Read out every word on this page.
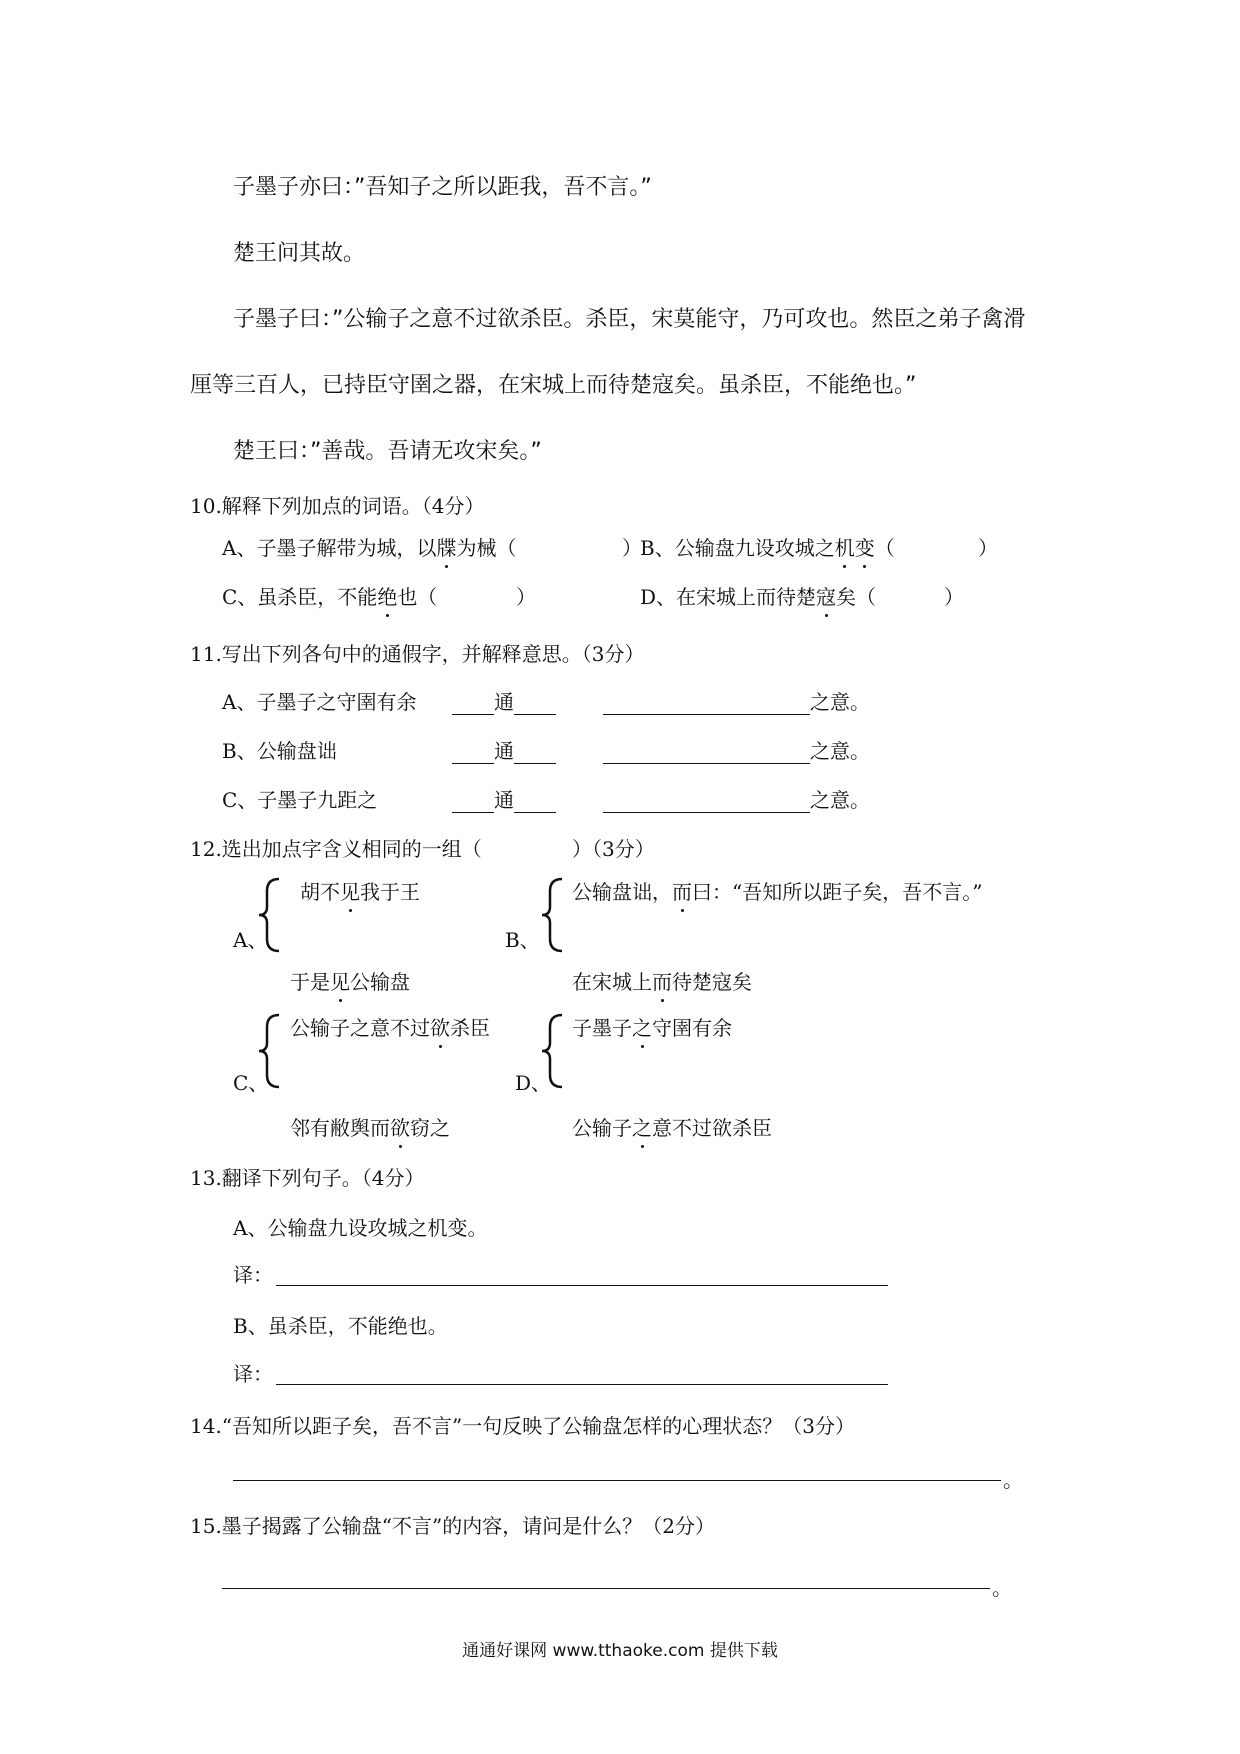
子墨子亦曰：”吾知子之所以距我，吾不言。”
楚王问其故。
子墨子曰：”公输子之意不过欲杀臣。杀臣，宋莫能守，乃可攻也。然臣之弟子禽滑
厘等三百人，已持臣守圉之器，在宋城上而待楚寇矣。虽杀臣，不能绝也。”
楚王曰：”善哉。吾请无攻宋矣。”
10.解释下列加点的词语。（4分）
A、子墨子解带为城，以牒为械（	）
B、公输盘九设攻城之机变（	）
C、虽杀臣，不能绝也（	）	D、在宋城上而待楚寇矣（	）
11.写出下列各句中的通假字，并解释意思。（3分）
A、子墨子之守圉有余	通	之意。
B、公输盘诎	通	之意。
C、子墨子九距之	通	之意。
12.选出加点字含义相同的一组（	）（3分）
胡不见我于王
A、
于是见公输盘
公输盘诎，而曰：“吾知所以距子矣，吾不言。”
B、
在宋城上而待楚寇矣
公输子之意不过欲杀臣
C、
邻有敝舆而欲窃之
子墨子之守圉有余
D、
公输子之意不过欲杀臣
13.翻译下列句子。（4分）
A、公输盘九设攻城之机变。
译：
B、虽杀臣，不能绝也。
译：
14.“吾知所以距子矣，吾不言”一句反映了公输盘怎样的心理状态？（3分）
。
15.墨子揭露了公输盘“不言”的内容，请问是什么？（2分）
。
通通好课网 www.tthaoke.com 提供下载
